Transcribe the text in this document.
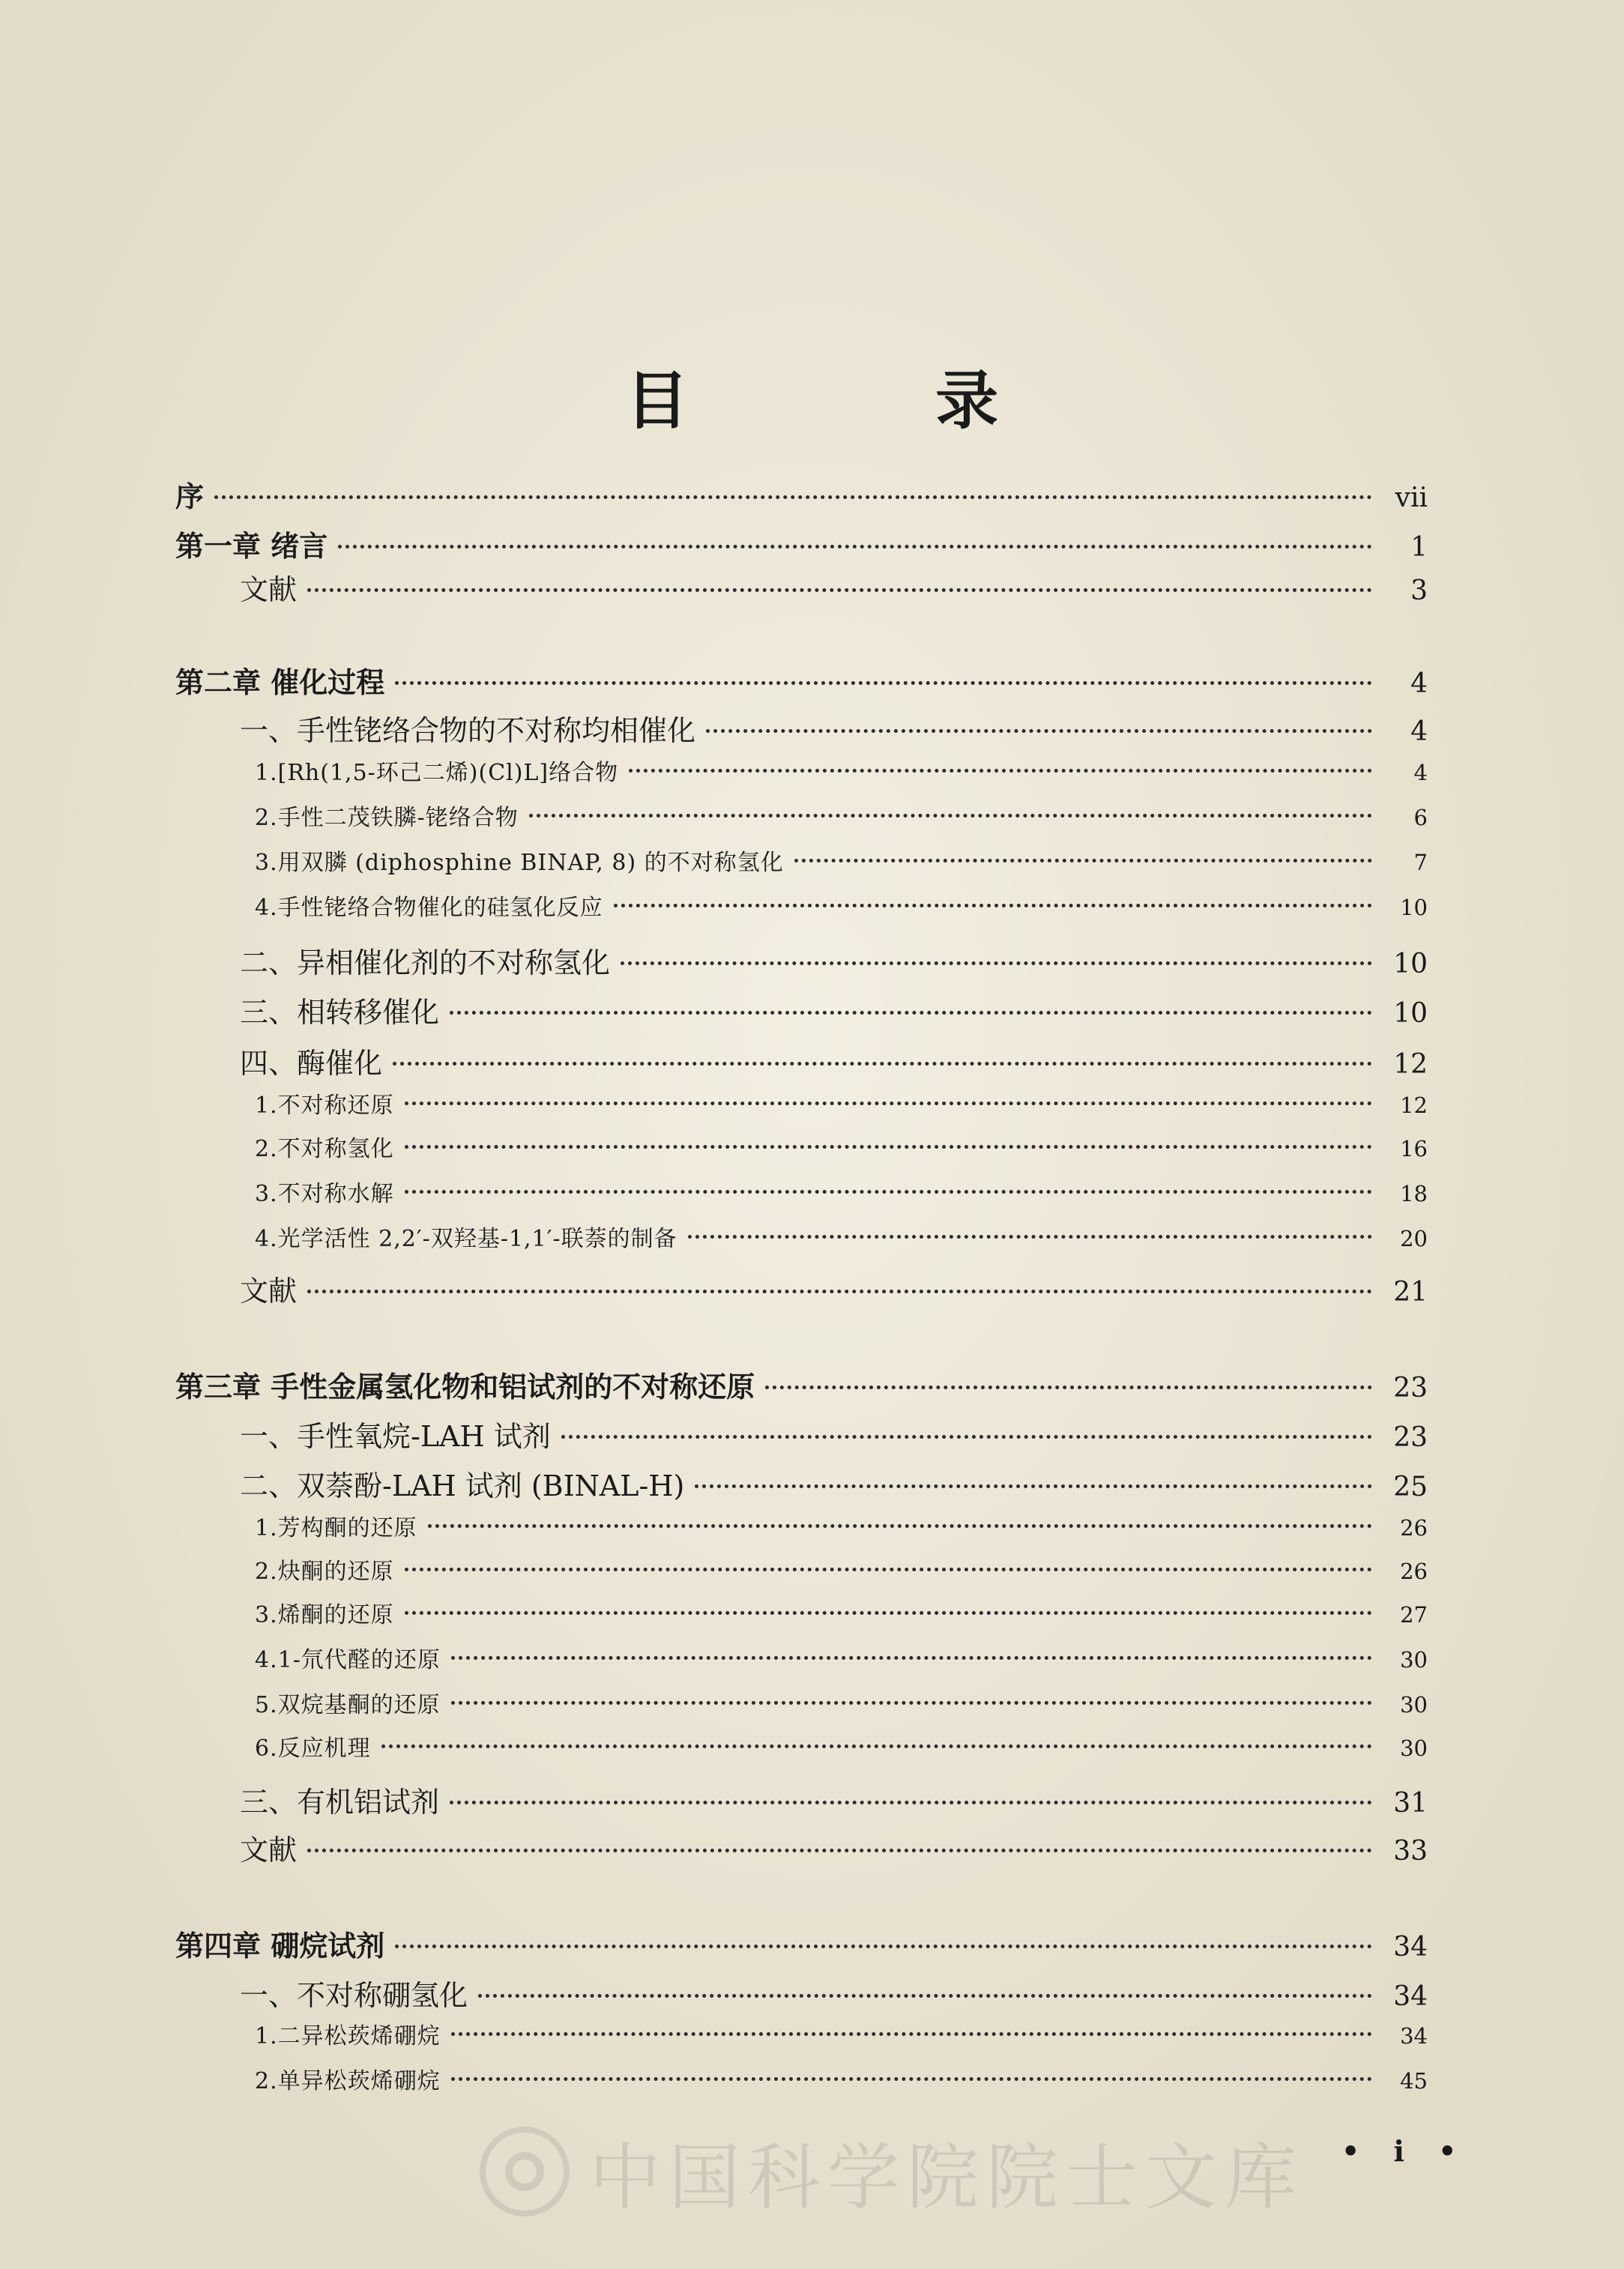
目 录
序	vii
第一章 绪言	1
文献	3
第二章 催化过程	4
一、手性铑络合物的不对称均相催化	4
1.[Rh(1,5-环己二烯)(Cl)L]络合物	4
2.手性二茂铁膦-铑络合物	6
3.用双膦 (diphosphine BINAP, 8) 的不对称氢化	7
4.手性铑络合物催化的硅氢化反应	10
二、异相催化剂的不对称氢化	10
三、相转移催化	10
四、酶催化	12
1.不对称还原	12
2.不对称氢化	16
3.不对称水解	18
4.光学活性 2,2′-双羟基-1,1′-联萘的制备	20
文献	21
第三章 手性金属氢化物和铝试剂的不对称还原	23
一、手性氧烷-LAH 试剂	23
二、双萘酚-LAH 试剂 (BINAL-H)	25
1.芳构酮的还原	26
2.炔酮的还原	26
3.烯酮的还原	27
4.1-氘代醛的还原	30
5.双烷基酮的还原	30
6.反应机理	30
三、有机铝试剂	31
文献	33
第四章 硼烷试剂	34
一、不对称硼氢化	34
1.二异松莰烯硼烷	34
2.单异松莰烯硼烷	45
• i •
中国科学院院士文库
